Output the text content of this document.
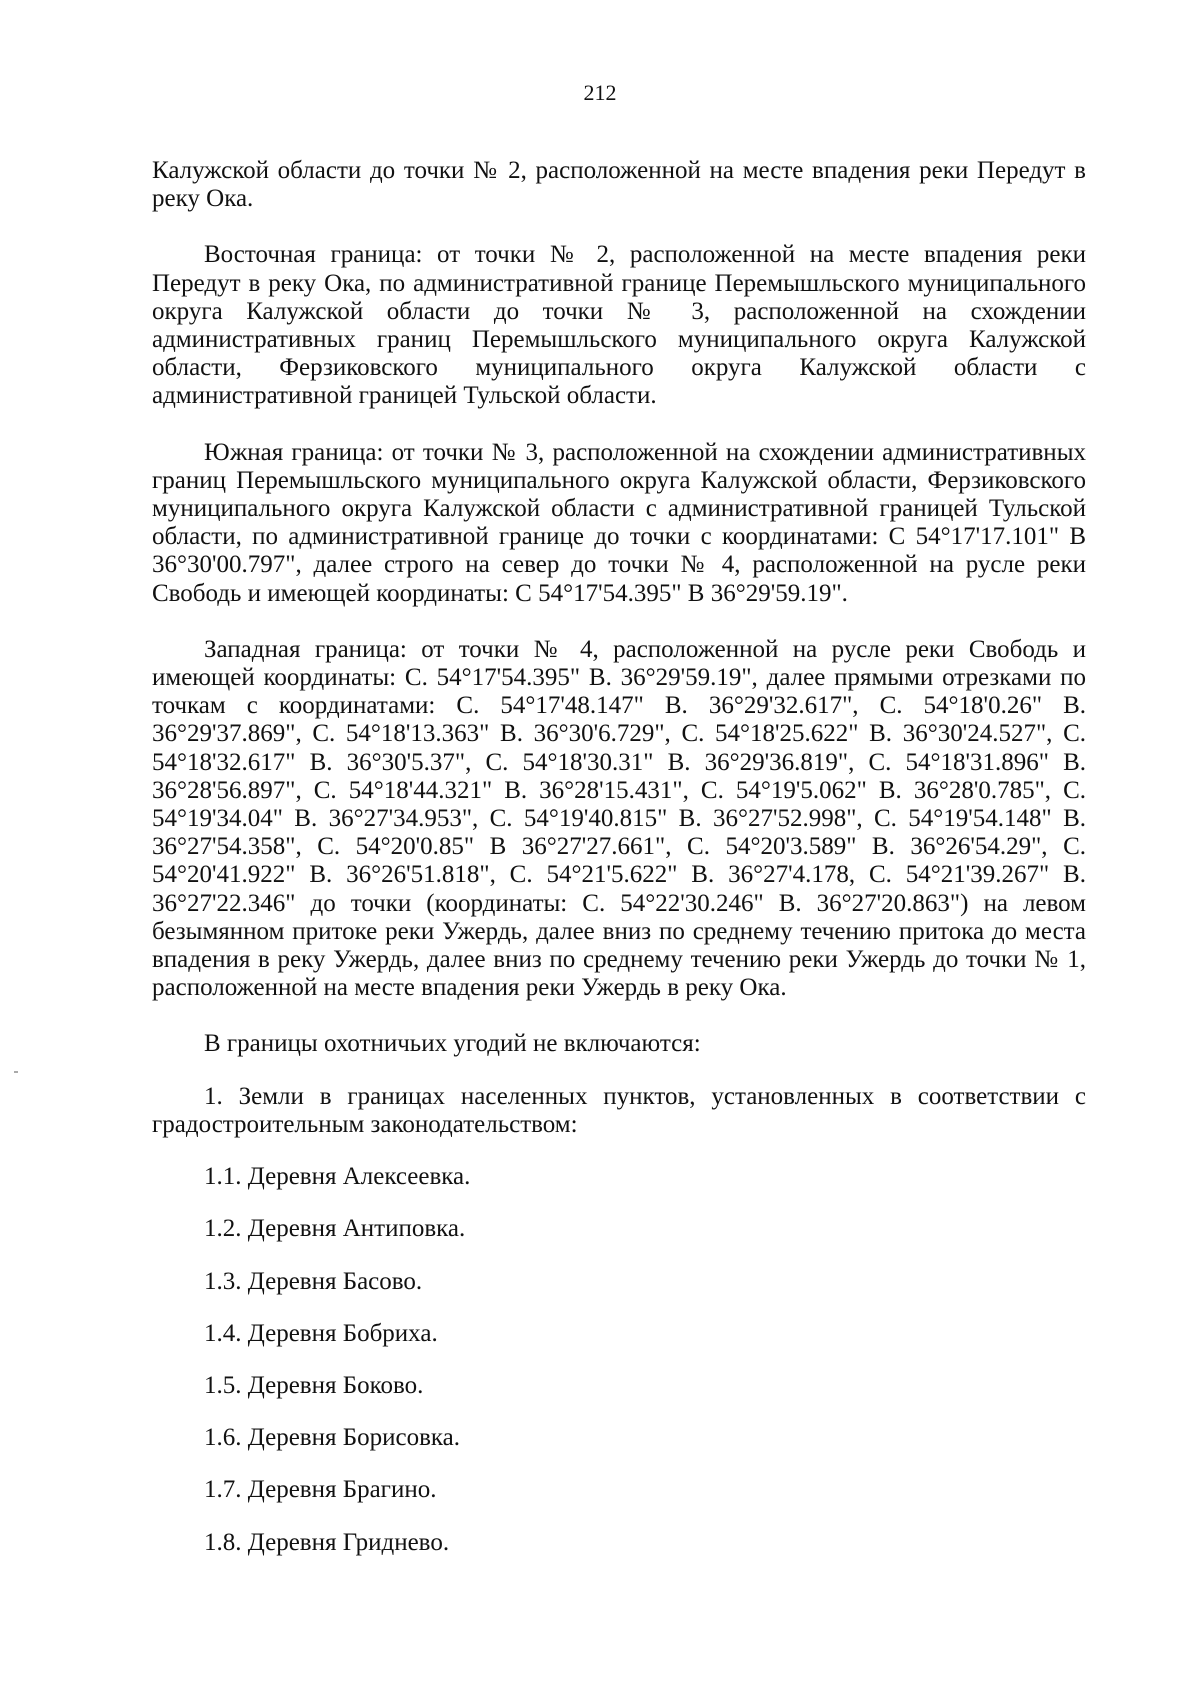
212

Калужской области до точки № 2, расположенной на месте впадения реки Передут в реку Ока.

Восточная граница: от точки № 2, расположенной на месте впадения реки Передут в реку Ока, по административной границе Перемышльского муниципального округа Калужской области до точки № 3, расположенной на схождении административных границ Перемышльского муниципального округа Калужской области, Ферзиковского муниципального округа Калужской области с административной границей Тульской области.

Южная граница: от точки № 3, расположенной на схождении административных границ Перемышльского муниципального округа Калужской области, Ферзиковского муниципального округа Калужской области с административной границей Тульской области, по административной границе до точки с координатами: С 54°17'17.101" В 36°30'00.797", далее строго на север до точки № 4, расположенной на русле реки Свободь и имеющей координаты: С 54°17'54.395" В 36°29'59.19".

Западная граница: от точки № 4, расположенной на русле реки Свободь и имеющей координаты: С. 54°17'54.395" В. 36°29'59.19", далее прямыми отрезками по точкам с координатами: С. 54°17'48.147" В. 36°29'32.617", С. 54°18'0.26" В. 36°29'37.869", С. 54°18'13.363" В. 36°30'6.729", С. 54°18'25.622" В. 36°30'24.527", С. 54°18'32.617" В. 36°30'5.37", С. 54°18'30.31" В. 36°29'36.819", С. 54°18'31.896" В. 36°28'56.897", С. 54°18'44.321" В. 36°28'15.431", С. 54°19'5.062" В. 36°28'0.785", С. 54°19'34.04" В. 36°27'34.953", С. 54°19'40.815" В. 36°27'52.998", С. 54°19'54.148" В. 36°27'54.358", С. 54°20'0.85" В 36°27'27.661", С. 54°20'3.589" В. 36°26'54.29", С. 54°20'41.922" В. 36°26'51.818", С. 54°21'5.622" В. 36°27'4.178, С. 54°21'39.267" В. 36°27'22.346" до точки (координаты: С. 54°22'30.246" В. 36°27'20.863") на левом безымянном притоке реки Ужердь, далее вниз по среднему течению притока до места впадения в реку Ужердь, далее вниз по среднему течению реки Ужердь до точки № 1, расположенной на месте впадения реки Ужердь в реку Ока.

В границы охотничьих угодий не включаются:

1. Земли в границах населенных пунктов, установленных в соответствии с градостроительным законодательством:

1.1. Деревня Алексеевка.

1.2. Деревня Антиповка.

1.3. Деревня Басово.

1.4. Деревня Бобриха.

1.5. Деревня Боково.

1.6. Деревня Борисовка.

1.7. Деревня Брагино.

1.8. Деревня Гриднево.
